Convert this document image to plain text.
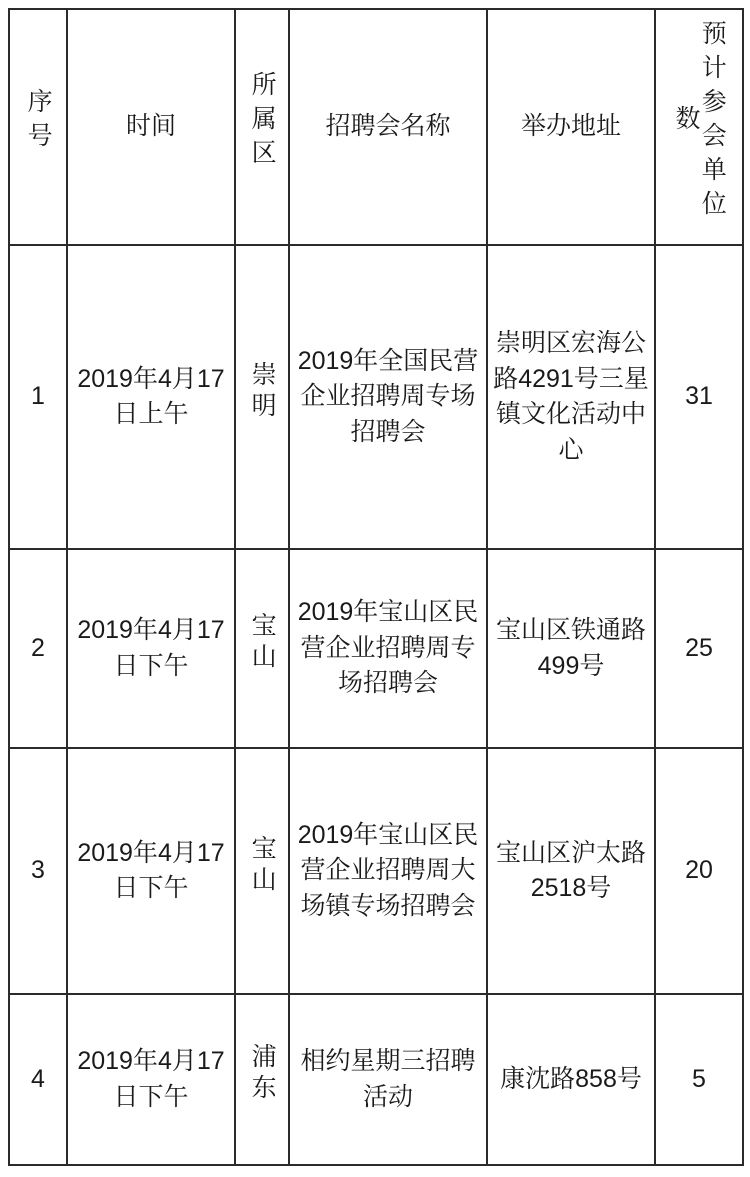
序号	时间	所属区	招聘会名称	举办地址	预计参会单位数
1	2019年4月17日上午	崇明	2019年全国民营企业招聘周专场招聘会	崇明区宏海公路4291号三星镇文化活动中心	31
2	2019年4月17日下午	宝山	2019年宝山区民营企业招聘周专场招聘会	宝山区铁通路499号	25
3	2019年4月17日下午	宝山	2019年宝山区民营企业招聘周大场镇专场招聘会	宝山区沪太路2518号	20
4	2019年4月17日下午	浦东	相约星期三招聘活动	康沈路858号	5
